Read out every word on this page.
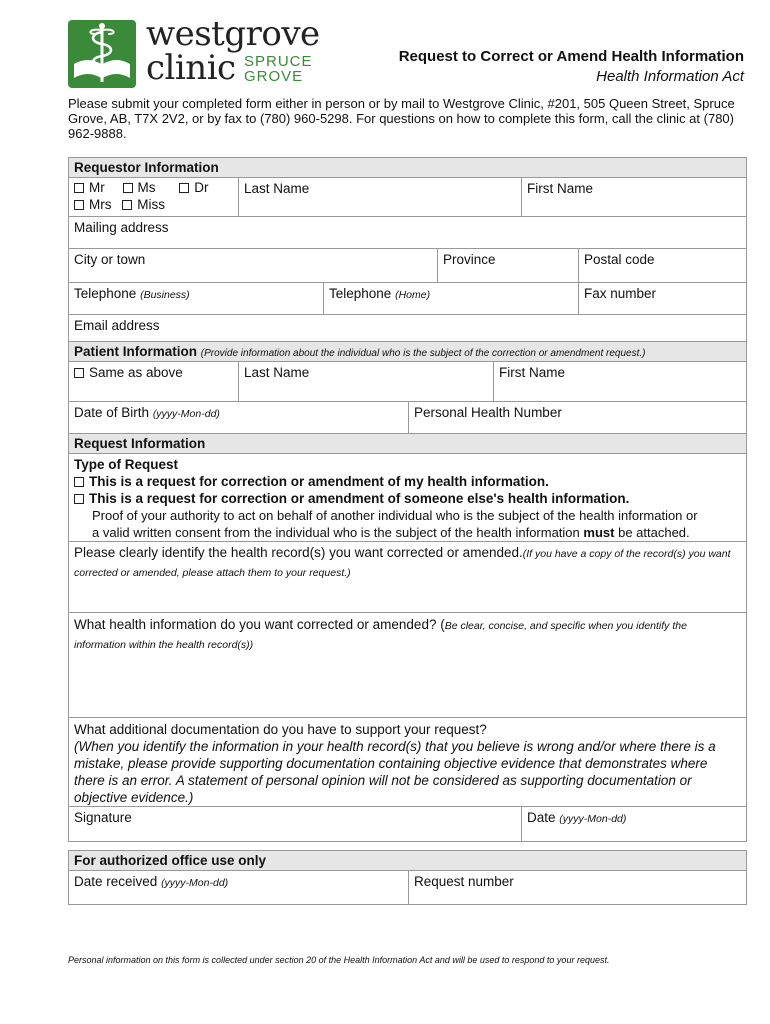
westgrove
clinic SPRUCE
GROVE
Request to Correct or Amend Health Information
Health Information Act
Please submit your completed form either in person or by mail to Westgrove Clinic, #201, 505 Queen Street, Spruce Grove, AB, T7X 2V2, or by fax to (780) 960-5298. For questions on how to complete this form, call the clinic at (780) 962-9888.
Requestor Information
Mr Ms	Dr
Mrs Miss
Last Name	First Name
Mailing address
City or town	Province	Postal code
Telephone (Business)	Telephone (Home)	Fax number
Email address
Patient Information (Provide information about the individual who is the subject of the correction or amendment request.)
Same as above	Last Name	First Name
Date of Birth (yyyy-Mon-dd)	Personal Health Number
Request Information
Type of Request
This is a request for correction or amendment of my health information.
This is a request for correction or amendment of someone else's health information.
Proof of your authority to act on behalf of another individual who is the subject of the health information or
a valid written consent from the individual who is the subject of the health information must be attached.
Please clearly identify the health record(s) you want corrected or amended.(If you have a copy of the record(s) you want corrected or amended, please attach them to your request.)
What health information do you want corrected or amended? (Be clear, concise, and specific when you identify the information within the health record(s))
What additional documentation do you have to support your request?
(When you identify the information in your health record(s) that you believe is wrong and/or where there is a mistake, please provide supporting documentation containing objective evidence that demonstrates where there is an error. A statement of personal opinion will not be considered as supporting documentation or objective evidence.)
Signature	Date (yyyy-Mon-dd)
For authorized office use only
Date received (yyyy-Mon-dd)	Request number
Personal information on this form is collected under section 20 of the Health Information Act and will be used to respond to your request.
